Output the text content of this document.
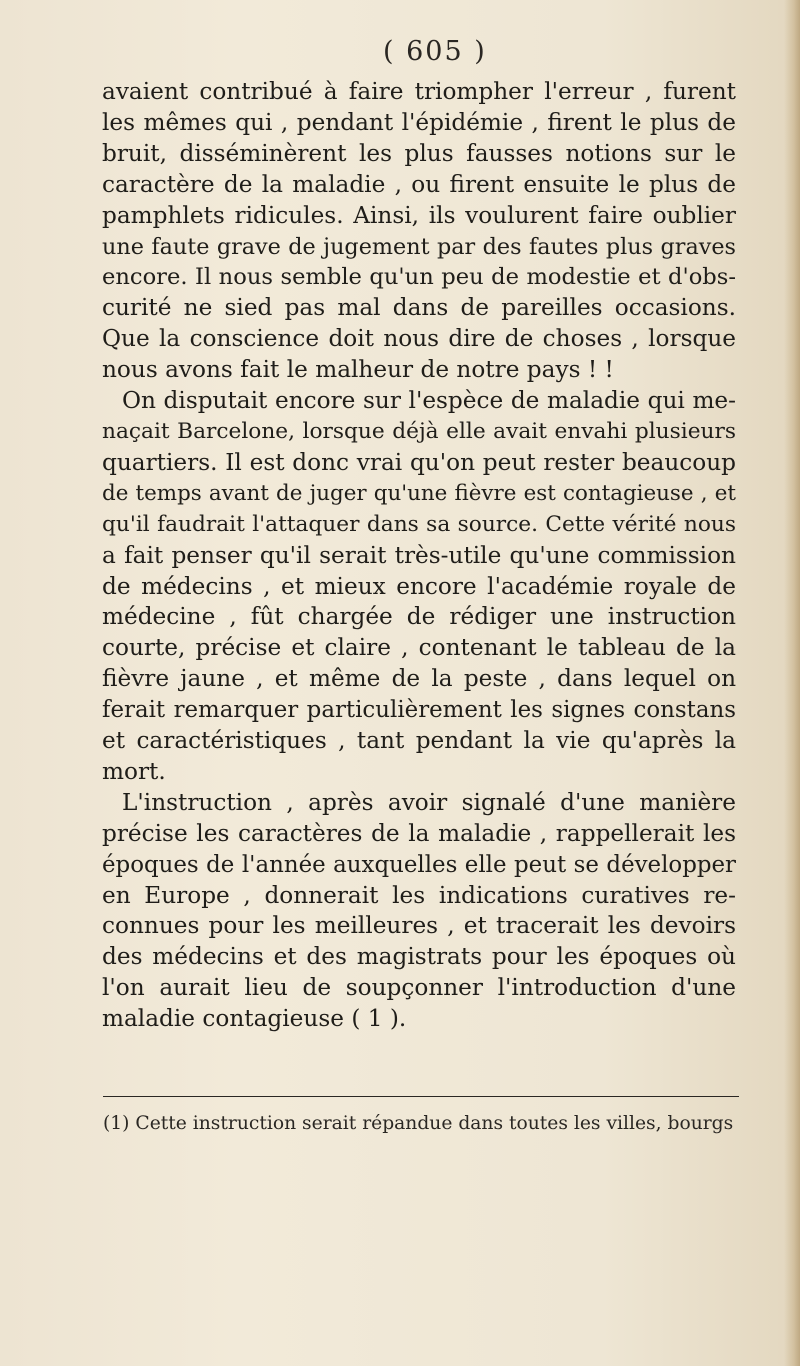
( 605 )
avaient contribué à faire triompher l'erreur , furent
les mêmes qui , pendant l'épidémie , firent le plus de
bruit, disséminèrent les plus fausses notions sur le
caractère de la maladie , ou firent ensuite le plus de
pamphlets ridicules. Ainsi, ils voulurent faire oublier
une faute grave de jugement par des fautes plus graves
encore. Il nous semble qu'un peu de modestie et d'obs-
curité ne sied pas mal dans de pareilles occasions.
Que la conscience doit nous dire de choses , lorsque
nous avons fait le malheur de notre pays ! !
On disputait encore sur l'espèce de maladie qui me-
naçait Barcelone, lorsque déjà elle avait envahi plusieurs
quartiers. Il est donc vrai qu'on peut rester beaucoup
de temps avant de juger qu'une fièvre est contagieuse , et
qu'il faudrait l'attaquer dans sa source. Cette vérité nous
a fait penser qu'il serait très-utile qu'une commission
de médecins , et mieux encore l'académie royale de
médecine , fût chargée de rédiger une instruction
courte, précise et claire , contenant le tableau de la
fièvre jaune , et même de la peste , dans lequel on
ferait remarquer particulièrement les signes constans
et caractéristiques , tant pendant la vie qu'après la
mort.
L'instruction , après avoir signalé d'une manière
précise les caractères de la maladie , rappellerait les
époques de l'année auxquelles elle peut se développer
en Europe , donnerait les indications curatives re-
connues pour les meilleures , et tracerait les devoirs
des médecins et des magistrats pour les époques où
l'on aurait lieu de soupçonner l'introduction d'une
maladie contagieuse ( 1 ).
(1) Cette instruction serait répandue dans toutes les villes, bourgs
